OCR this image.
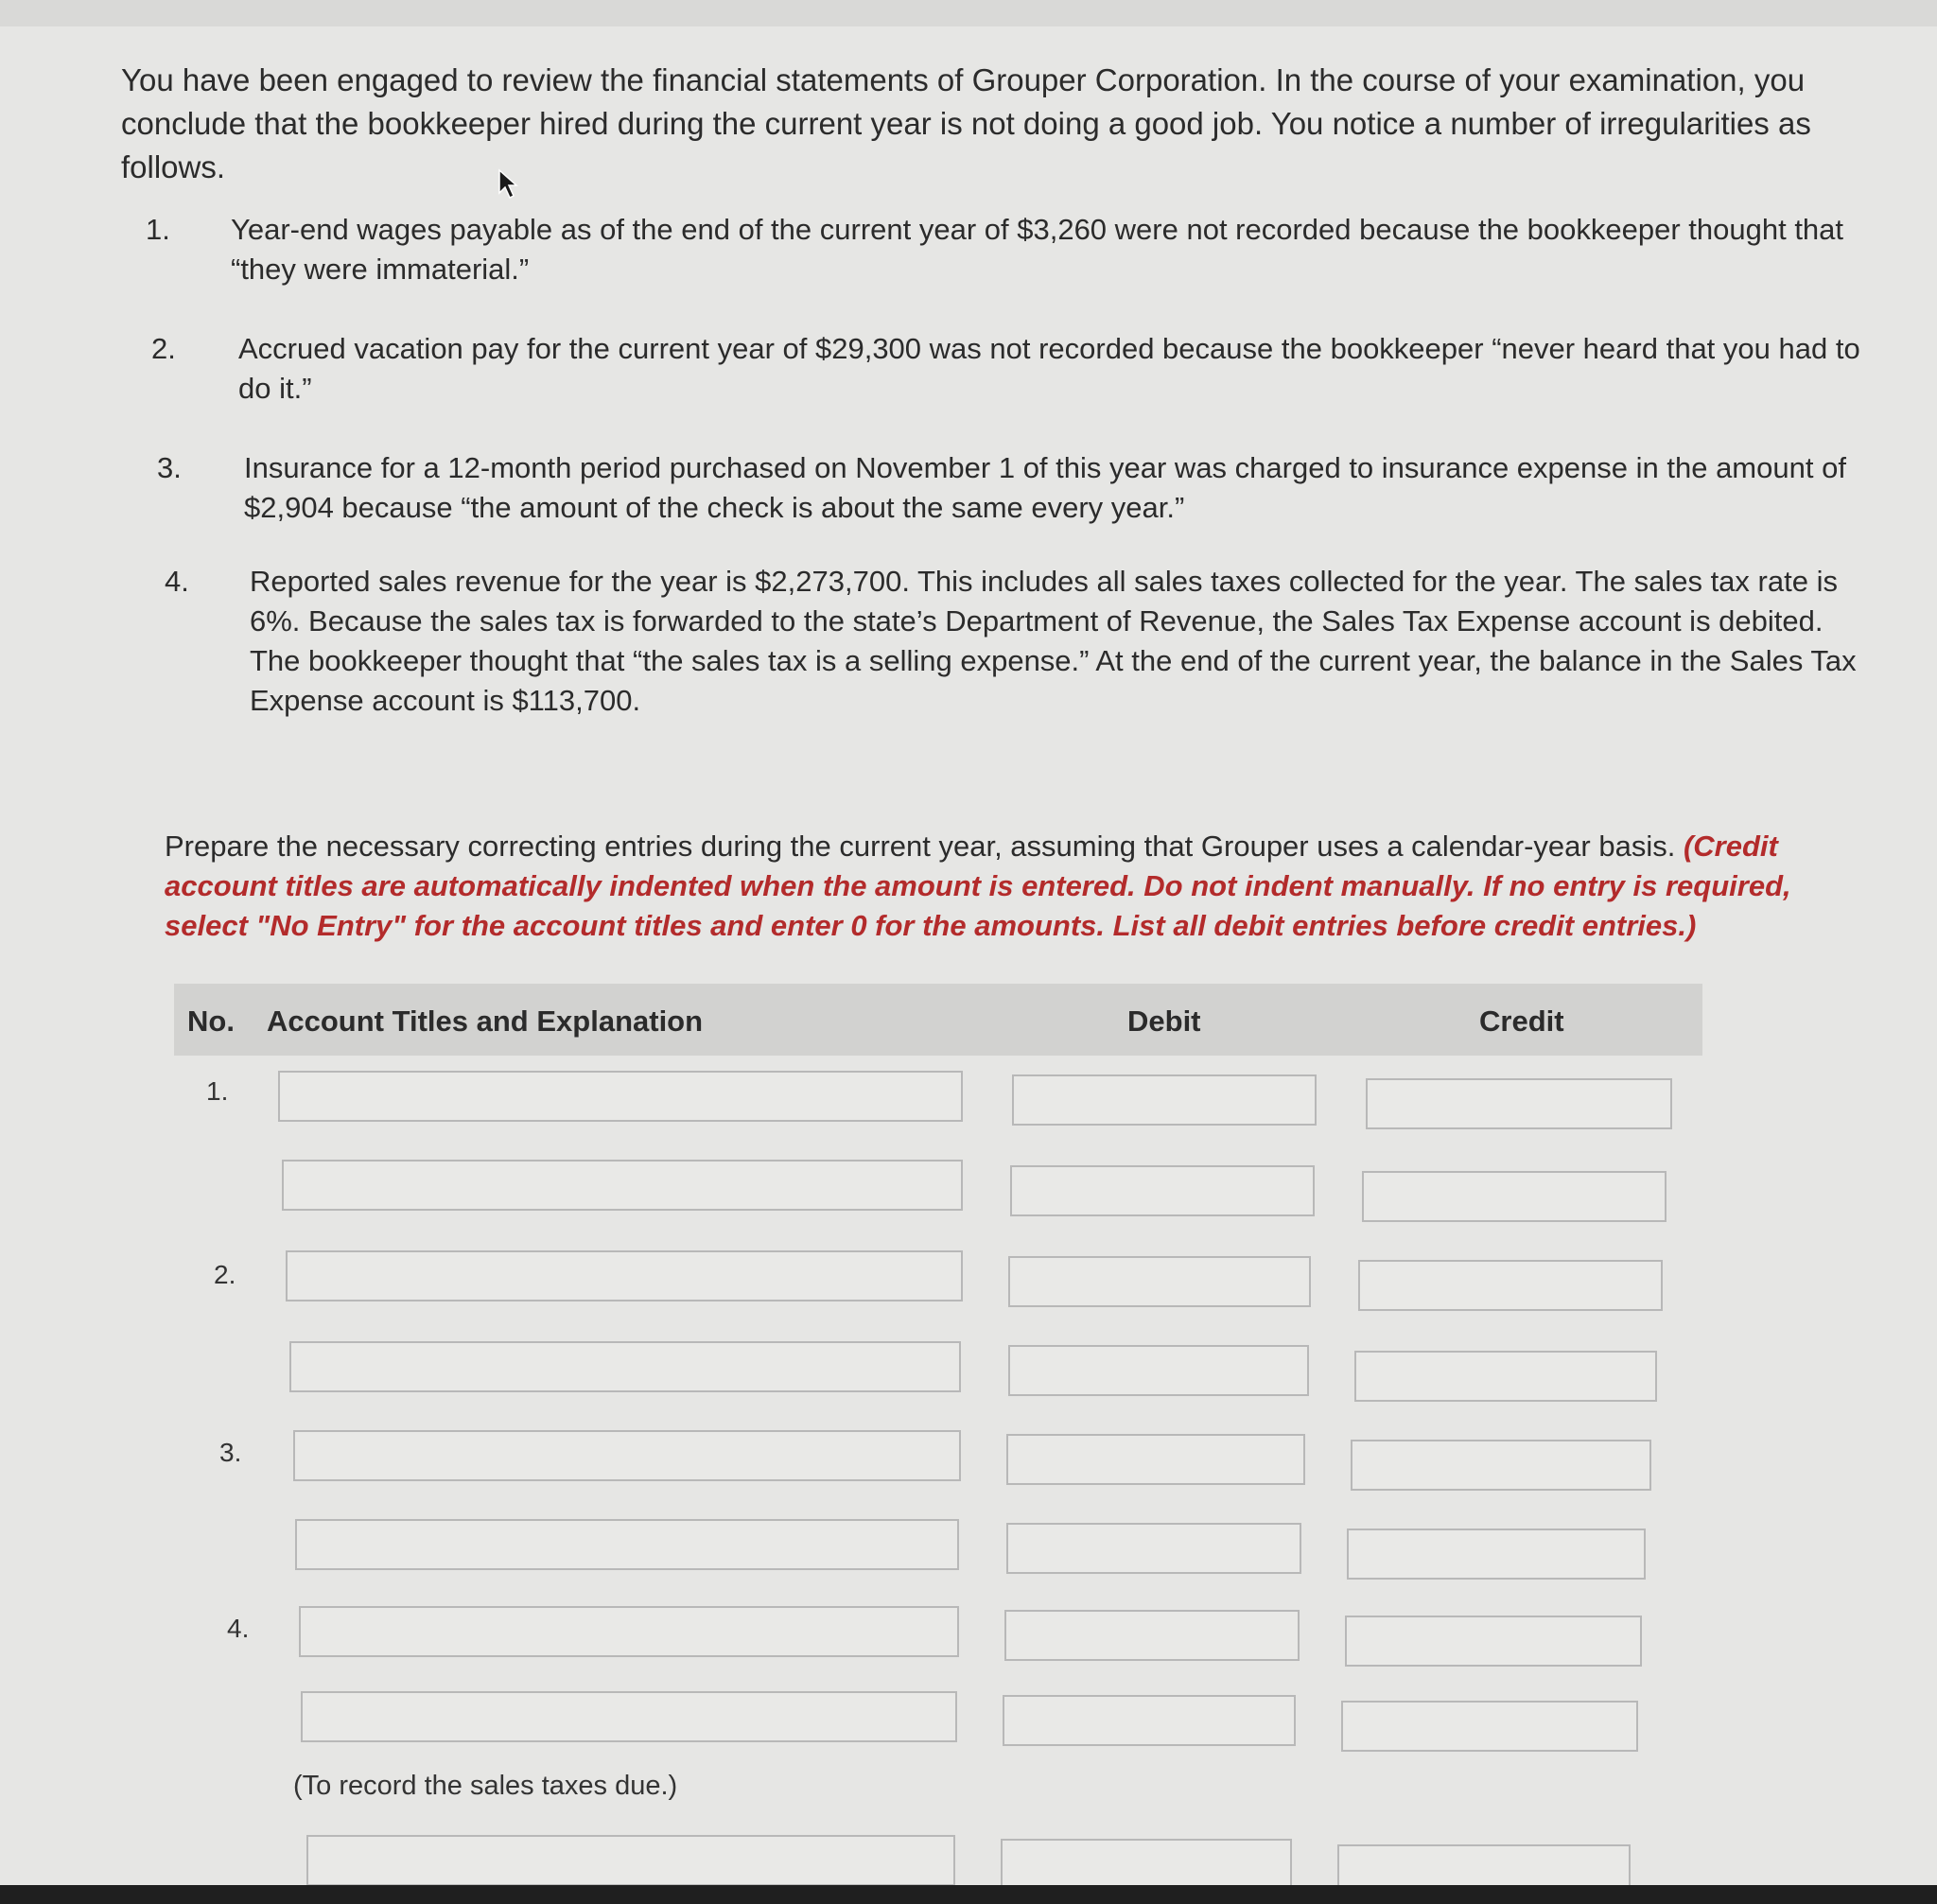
You have been engaged to review the financial statements of Grouper Corporation. In the course of your examination, you conclude that the bookkeeper hired during the current year is not doing a good job. You notice a number of irregularities as follows.

1.	Year-end wages payable as of the end of the current year of $3,260 were not recorded because the bookkeeper thought that “they were immaterial.”

2.	Accrued vacation pay for the current year of $29,300 was not recorded because the bookkeeper “never heard that you had to do it.”

3.	Insurance for a 12-month period purchased on November 1 of this year was charged to insurance expense in the amount of $2,904 because “the amount of the check is about the same every year.”

4.	Reported sales revenue for the year is $2,273,700. This includes all sales taxes collected for the year. The sales tax rate is 6%. Because the sales tax is forwarded to the state’s Department of Revenue, the Sales Tax Expense account is debited. The bookkeeper thought that “the sales tax is a selling expense.” At the end of the current year, the balance in the Sales Tax Expense account is $113,700.

Prepare the necessary correcting entries during the current year, assuming that Grouper uses a calendar-year basis. (Credit account titles are automatically indented when the amount is entered. Do not indent manually. If no entry is required, select "No Entry" for the account titles and enter 0 for the amounts. List all debit entries before credit entries.)

No. Account Titles and Explanation	Debit	Credit
1.
2.
3.
4.
(To record the sales taxes due.)
